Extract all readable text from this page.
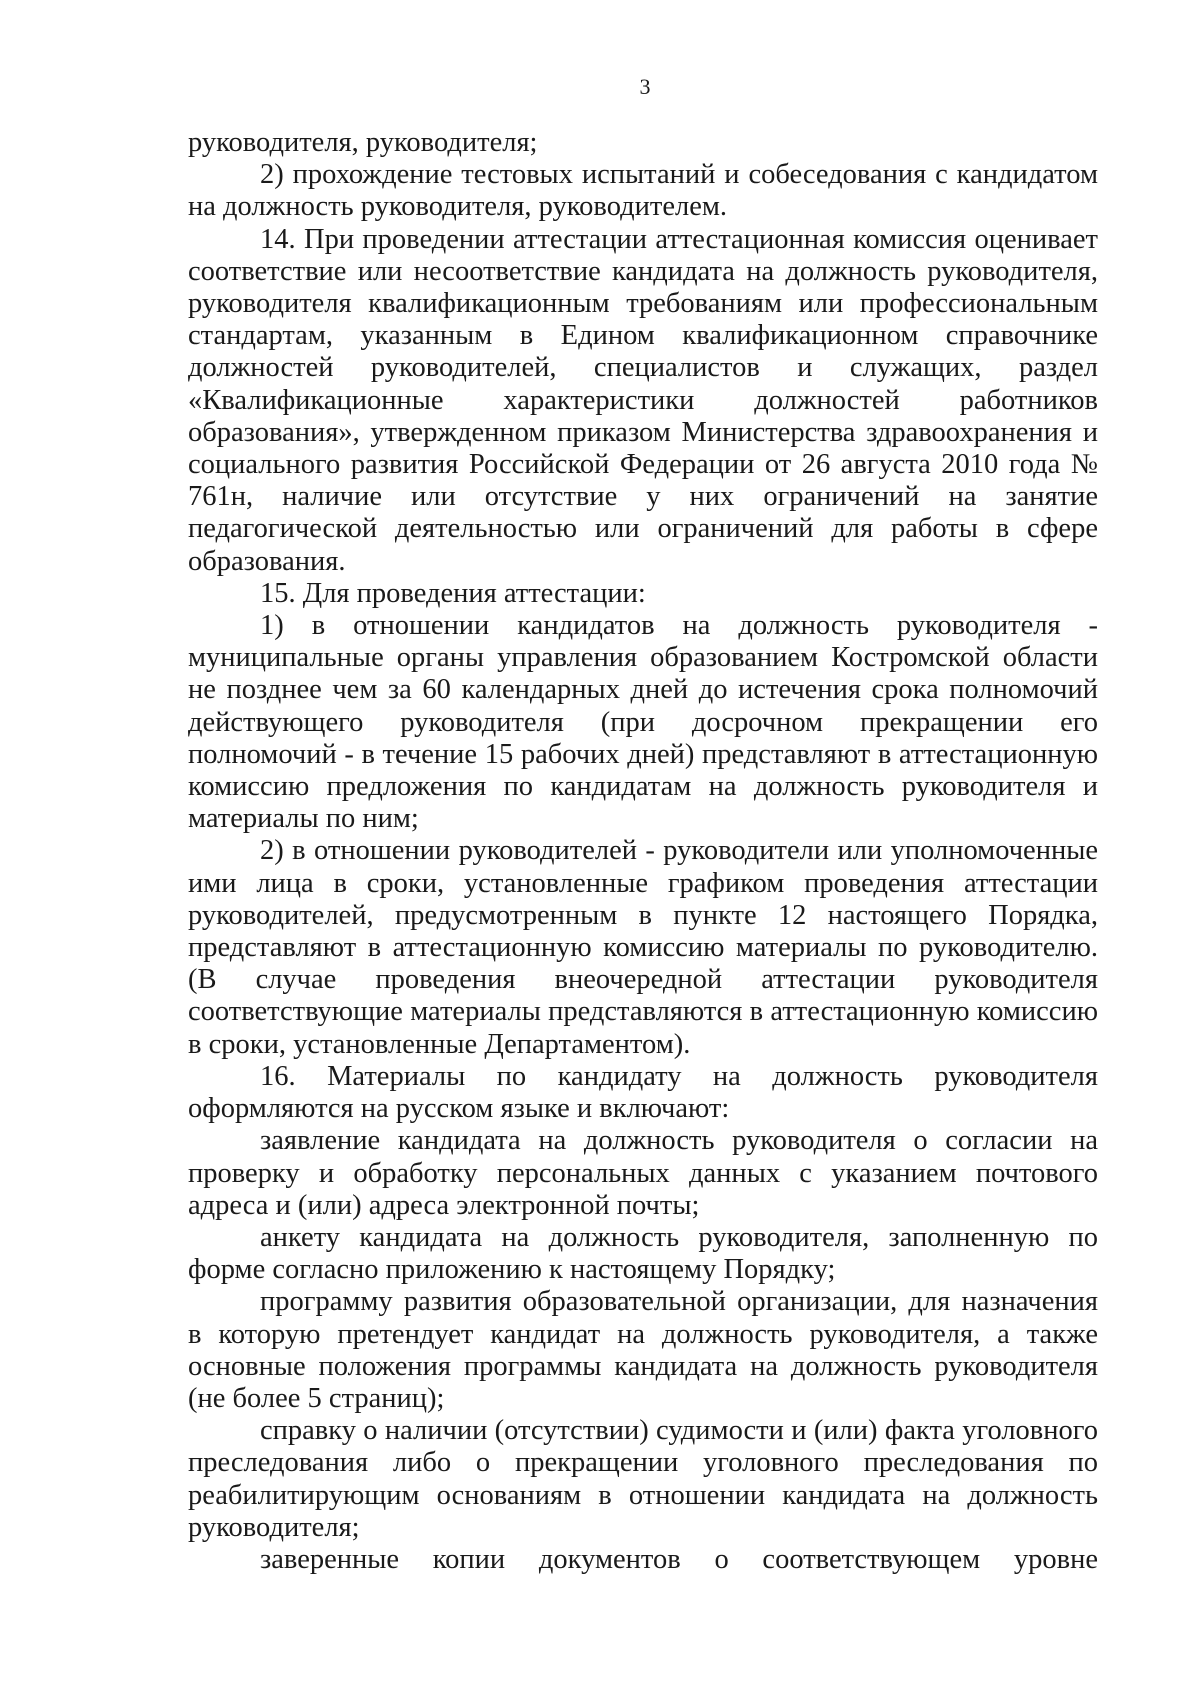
3

руководителя, руководителя;

2) прохождение тестовых испытаний и собеседования с кандидатом на должность руководителя, руководителем.

14. При проведении аттестации аттестационная комиссия оценивает соответствие или несоответствие кандидата на должность руководителя, руководителя квалификационным требованиям или профессиональным стандартам, указанным в Едином квалификационном справочнике должностей руководителей, специалистов и служащих, раздел «Квалификационные характеристики должностей работников образования», утвержденном приказом Министерства здравоохранения и социального развития Российской Федерации от 26 августа 2010 года № 761н, наличие или отсутствие у них ограничений на занятие педагогической деятельностью или ограничений для работы в сфере образования.

15. Для проведения аттестации:

1) в отношении кандидатов на должность руководителя - муниципальные органы управления образованием Костромской области не позднее чем за 60 календарных дней до истечения срока полномочий действующего руководителя (при досрочном прекращении его полномочий - в течение 15 рабочих дней) представляют в аттестационную комиссию предложения по кандидатам на должность руководителя и материалы по ним;

2) в отношении руководителей - руководители или уполномоченные ими лица в сроки, установленные графиком проведения аттестации руководителей, предусмотренным в пункте 12 настоящего Порядка, представляют в аттестационную комиссию материалы по руководителю. (В случае проведения внеочередной аттестации руководителя соответствующие материалы представляются в аттестационную комиссию в сроки, установленные Департаментом).

16. Материалы по кандидату на должность руководителя оформляются на русском языке и включают:

заявление кандидата на должность руководителя о согласии на проверку и обработку персональных данных с указанием почтового адреса и (или) адреса электронной почты;

анкету кандидата на должность руководителя, заполненную по форме согласно приложению к настоящему Порядку;

программу развития образовательной организации, для назначения в которую претендует кандидат на должность руководителя, а также основные положения программы кандидата на должность руководителя (не более 5 страниц);

справку о наличии (отсутствии) судимости и (или) факта уголовного преследования либо о прекращении уголовного преследования по реабилитирующим основаниям в отношении кандидата на должность руководителя;

заверенные копии документов о соответствующем уровне
